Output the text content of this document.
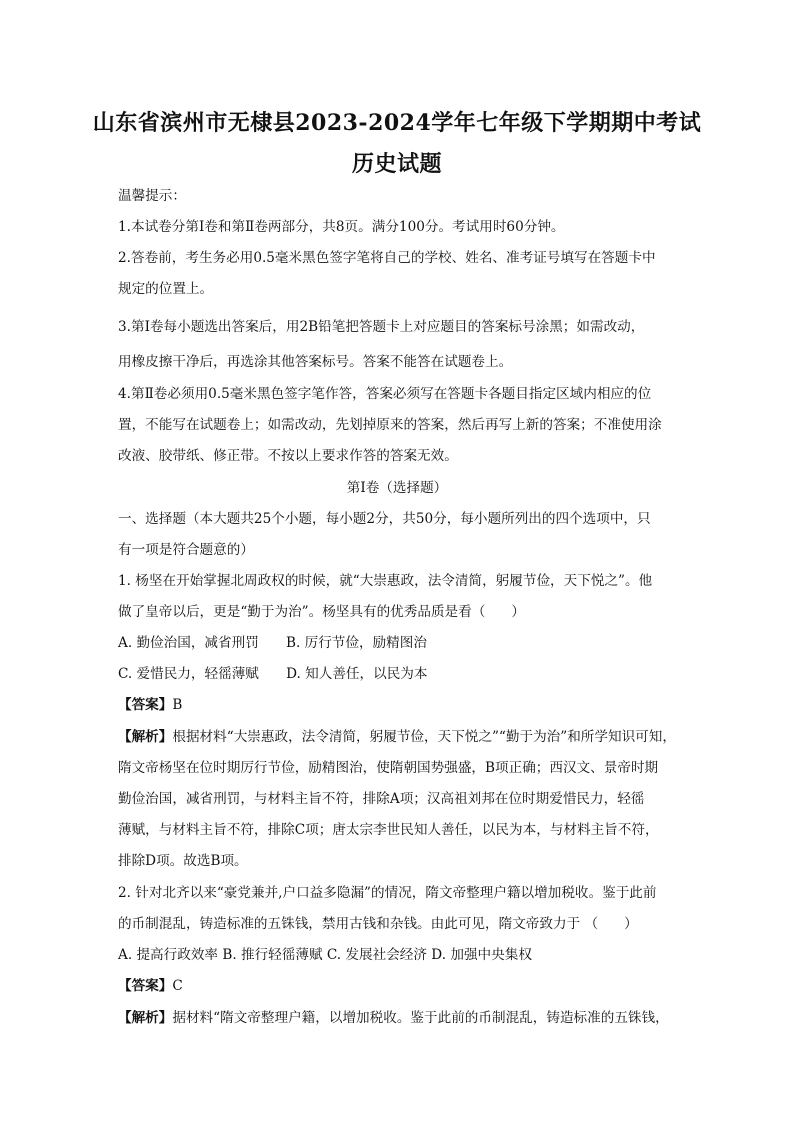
山东省滨州市无棣县2023-2024学年七年级下学期期中考试
历史试题
温馨提示：
1.本试卷分第Ⅰ卷和第Ⅱ卷两部分，共8页。满分100分。考试用时60分钟。
2.答卷前，考生务必用0.5毫米黑色签字笔将自己的学校、姓名、准考证号填写在答题卡中
规定的位置上。
3.第Ⅰ卷每小题选出答案后，用2B铅笔把答题卡上对应题目的答案标号涂黑；如需改动，
用橡皮擦干净后，再选涂其他答案标号。答案不能答在试题卷上。
4.第Ⅱ卷必须用0.5毫米黑色签字笔作答，答案必须写在答题卡各题目指定区域内相应的位
置，不能写在试题卷上；如需改动，先划掉原来的答案，然后再写上新的答案；不准使用涂
改液、胶带纸、修正带。不按以上要求作答的答案无效。
第Ⅰ卷（选择题）
一、选择题（本大题共25个小题，每小题2分，共50分，每小题所列出的四个选项中，只
有一项是符合题意的）
1. 杨坚在开始掌握北周政权的时候，就“大崇惠政，法令清简，躬履节俭，天下悦之”。他
做了皇帝以后，更是“勤于为治”。杨坚具有的优秀品质是看（ ）
A. 勤俭治国，减省刑罚　　B. 厉行节俭，励精图治
C. 爱惜民力，轻徭薄赋　　D. 知人善任，以民为本
【答案】B
【解析】根据材料“大崇惠政，法令清简，躬履节俭，天下悦之”“勤于为治”和所学知识可知，
隋文帝杨坚在位时期厉行节俭，励精图治，使隋朝国势强盛，B项正确；西汉文、景帝时期
勤俭治国，减省刑罚，与材料主旨不符，排除A项；汉高祖刘邦在位时期爱惜民力，轻徭
薄赋，与材料主旨不符，排除C项；唐太宗李世民知人善任，以民为本，与材料主旨不符，
排除D项。故选B项。
2. 针对北齐以来“豪党兼并,户口益多隐漏”的情况，隋文帝整理户籍以增加税收。鉴于此前
的币制混乱，铸造标准的五铢钱，禁用古钱和杂钱。由此可见，隋文帝致力于 （ ）
A. 提高行政效率 B. 推行轻徭薄赋 C. 发展社会经济 D. 加强中央集权
【答案】C
【解析】据材料“隋文帝整理户籍，以增加税收。鉴于此前的币制混乱，铸造标准的五铢钱，
